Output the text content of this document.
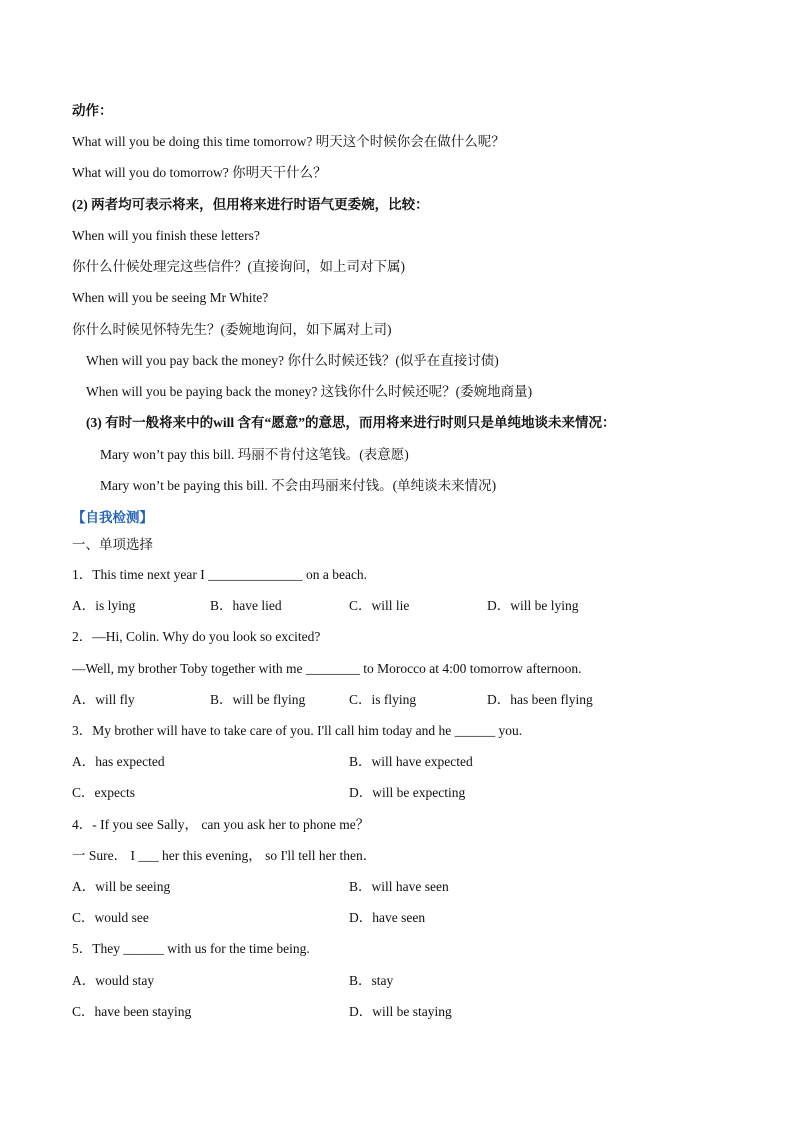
动作：
What will you be doing this time tomorrow? 明天这个时候你会在做什么呢？
What will you do tomorrow? 你明天干什么？
(2) 两者均可表示将来，但用将来进行时语气更委婉，比较：
When will you finish these letters?
你什么什候处理完这些信件？(直接询问，如上司对下属)
When will you be seeing Mr White?
你什么时候见怀特先生？(委婉地询问，如下属对上司)
When will you pay back the money? 你什么时候还钱？(似乎在直接讨债)
When will you be paying back the money? 这钱你什么时候还呢？(委婉地商量)
(3) 有时一般将来中的will 含有“愿意”的意思，而用将来进行时则只是单纯地谈未来情况：
Mary won’t pay this bill. 玛丽不肯付这笔钱。(表意愿)
Mary won’t be paying this bill. 不会由玛丽来付钱。(单纯谈未来情况)
【自我检测】
一、单项选择
1．This time next year I ______________ on a beach.
A．is lying	B．have lied	C．will lie	D．will be lying
2．—Hi, Colin. Why do you look so excited?
—Well, my brother Toby together with me ________ to Morocco at 4:00 tomorrow afternoon.
A．will fly	B．will be flying	C．is flying	D．has been flying
3．My brother will have to take care of you. I'll call him today and he ______ you.
A．has expected	B．will have expected
C．expects	D．will be expecting
4．- If you see Sally， can you ask her to phone me？
一 Sure． I ___ her this evening， so I'll tell her then．
A．will be seeing	B．will have seen
C．would see	D．have seen
5．They ______ with us for the time being.
A．would stay	B．stay
C．have been staying	D．will be staying
